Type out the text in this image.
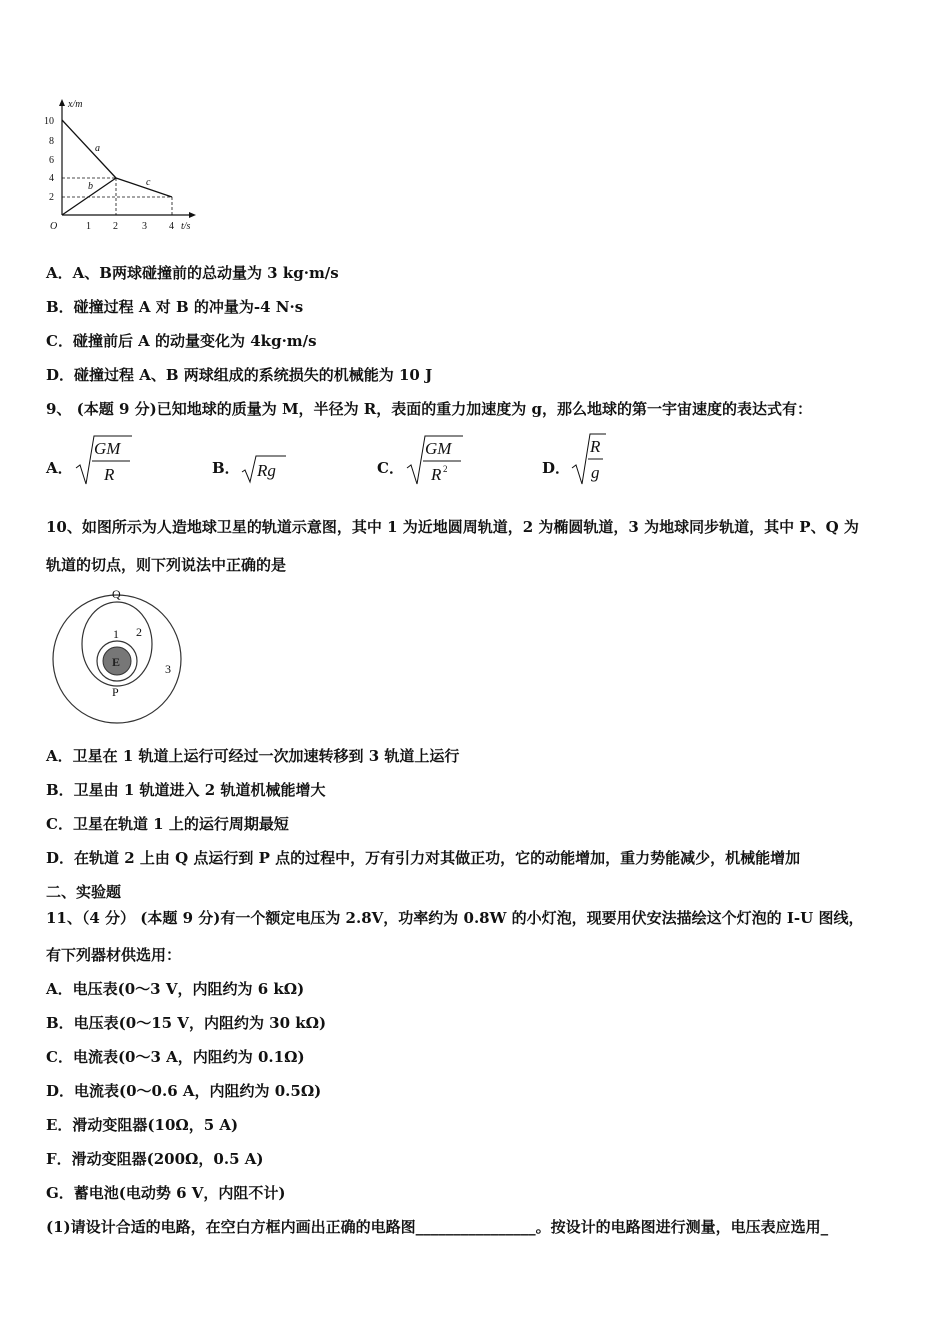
x/m
t/s
O
10
8
6
4
2
1 2 3 4
a
b	c
A．A、B两球碰撞前的总动量为 3 kg·m/s
B．碰撞过程 A 对 B 的冲量为-4 N·s
C．碰撞前后 A 的动量变化为 4kg·m/s
D．碰撞过程 A、B 两球组成的系统损失的机械能为 10 J
9、 (本题 9 分)已知地球的质量为 M，半径为 R，表面的重力加速度为 g，那么地球的第一宇宙速度的表达式有：
A．
GM
R	B． Rg	C．
GM
R 2	D．
R
g
10、如图所示为人造地球卫星的轨道示意图，其中 1 为近地圆周轨道，2 为椭圆轨道，3 为地球同步轨道，其中 P、Q 为
轨道的切点，则下列说法中正确的是
E
Q
P
1 2
3
A．卫星在 1 轨道上运行可经过一次加速转移到 3 轨道上运行
B．卫星由 1 轨道进入 2 轨道机械能增大
C．卫星在轨道 1 上的运行周期最短
D．在轨道 2 上由 Q 点运行到 P 点的过程中，万有引力对其做正功，它的动能增加，重力势能减少，机械能增加
二、实验题
11、（4 分） (本题 9 分)有一个额定电压为 2.8V，功率约为 0.8W 的小灯泡，现要用伏安法描绘这个灯泡的 I-U 图线，
有下列器材供选用：
A．电压表(0～3 V，内阻约为 6 kΩ)
B．电压表(0～15 V，内阻约为 30 kΩ)
C．电流表(0～3 A，内阻约为 0.1Ω)
D．电流表(0～0.6 A，内阻约为 0.5Ω)
E．滑动变阻器(10Ω，5 A)
F．滑动变阻器(200Ω，0.5 A)
G．蓄电池(电动势 6 V，内阻不计)
(1)请设计合适的电路，在空白方框内画出正确的电路图________________。按设计的电路图进行测量，电压表应选用_
